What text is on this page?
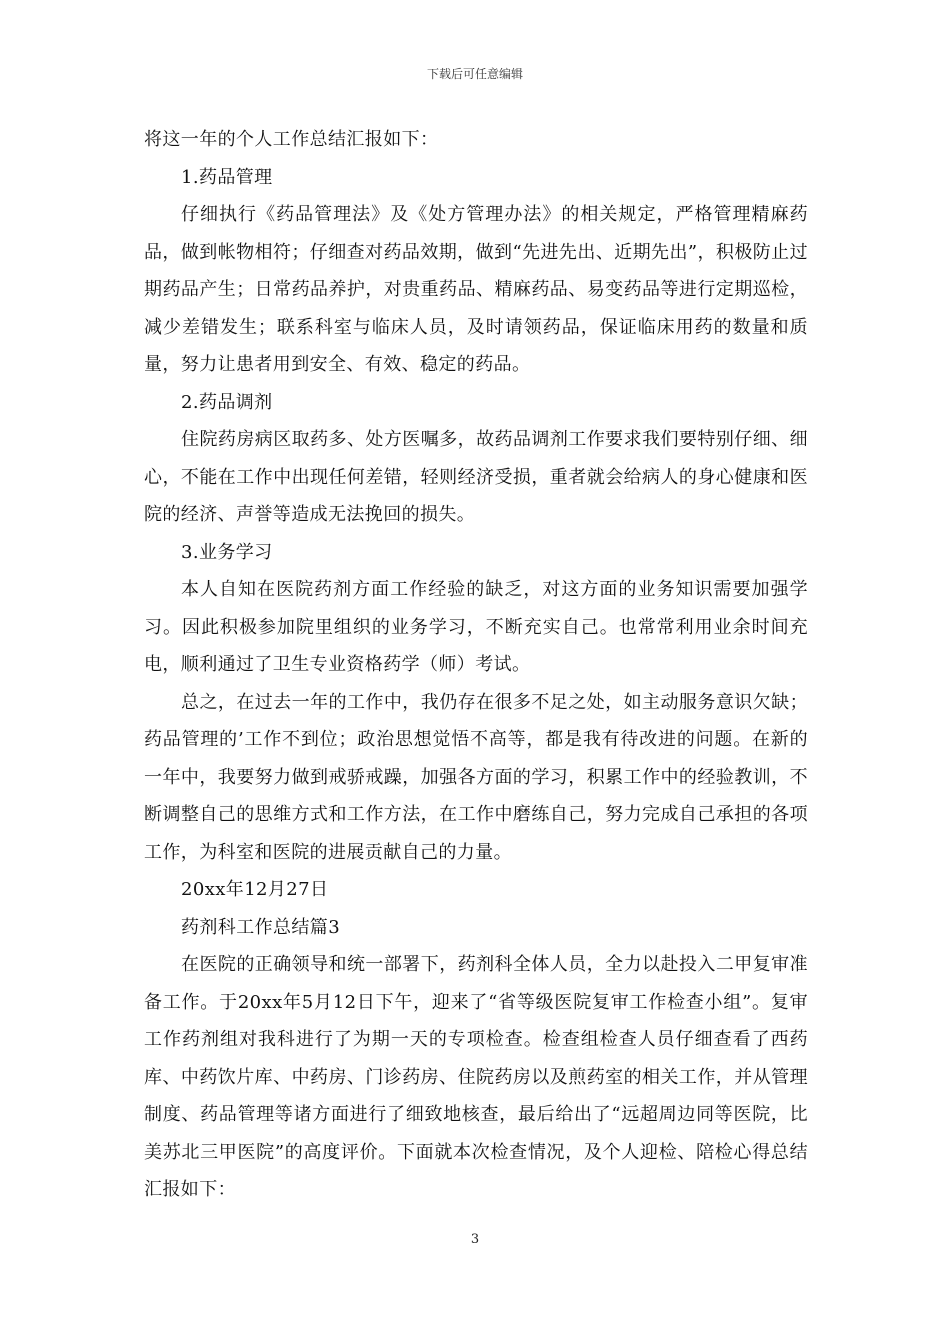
下载后可任意编辑

将这一年的个人工作总结汇报如下：

1.药品管理

仔细执行《药品管理法》及《处方管理办法》的相关规定，严格管理精麻药品，做到帐物相符；仔细查对药品效期，做到“先进先出、近期先出”，积极防止过期药品产生；日常药品养护，对贵重药品、精麻药品、易变药品等进行定期巡检，减少差错发生；联系科室与临床人员，及时请领药品，保证临床用药的数量和质量，努力让患者用到安全、有效、稳定的药品。

2.药品调剂

住院药房病区取药多、处方医嘱多，故药品调剂工作要求我们要特别仔细、细心，不能在工作中出现任何差错，轻则经济受损，重者就会给病人的身心健康和医院的经济、声誉等造成无法挽回的损失。

3.业务学习

本人自知在医院药剂方面工作经验的缺乏，对这方面的业务知识需要加强学习。因此积极参加院里组织的业务学习，不断充实自己。也常常利用业余时间充电，顺利通过了卫生专业资格药学（师）考试。

总之，在过去一年的工作中，我仍存在很多不足之处，如主动服务意识欠缺；药品管理的’工作不到位；政治思想觉悟不高等，都是我有待改进的问题。在新的一年中，我要努力做到戒骄戒躁，加强各方面的学习，积累工作中的经验教训，不断调整自己的思维方式和工作方法，在工作中磨练自己，努力完成自己承担的各项工作，为科室和医院的进展贡献自己的力量。

20xx年12月27日

药剂科工作总结篇3

在医院的正确领导和统一部署下，药剂科全体人员，全力以赴投入二甲复审准备工作。于20xx年5月12日下午，迎来了“省等级医院复审工作检查小组”。复审工作药剂组对我科进行了为期一天的专项检查。检查组检查人员仔细查看了西药库、中药饮片库、中药房、门诊药房、住院药房以及煎药室的相关工作，并从管理制度、药品管理等诸方面进行了细致地核查，最后给出了“远超周边同等医院，比美苏北三甲医院”的高度评价。下面就本次检查情况，及个人迎检、陪检心得总结汇报如下：

3
